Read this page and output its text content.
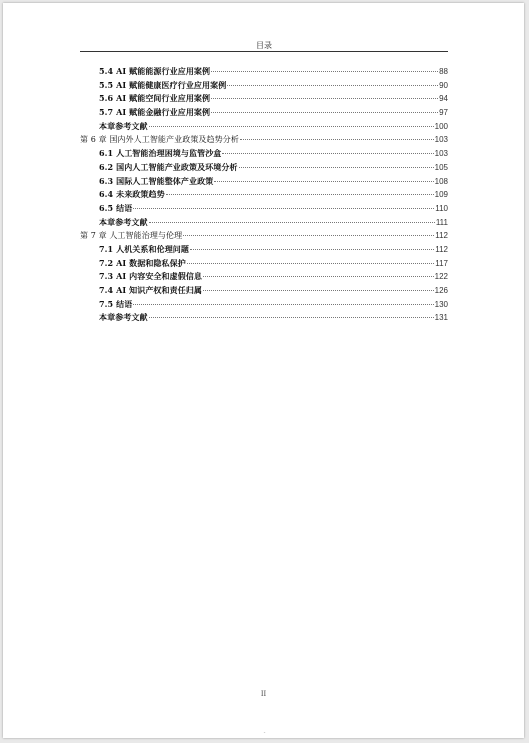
目录
5.4 AI 赋能能源行业应用案例	88
5.5 AI 赋能健康医疗行业应用案例	90
5.6 AI 赋能空间行业应用案例	94
5.7 AI 赋能金融行业应用案例	97
本章参考文献	100
第 6 章 国内外人工智能产业政策及趋势分析	103
6.1 人工智能治理困境与监管沙盒	103
6.2 国内人工智能产业政策及环境分析	105
6.3 国际人工智能整体产业政策	108
6.4 未来政策趋势	109
6.5 结语	110
本章参考文献	111
第 7 章 人工智能治理与伦理	112
7.1 人机关系和伦理问题	112
7.2 AI 数据和隐私保护	117
7.3 AI 内容安全和虚假信息	122
7.4 AI 知识产权和责任归属	126
7.5 结语	130
本章参考文献	131
II
-
